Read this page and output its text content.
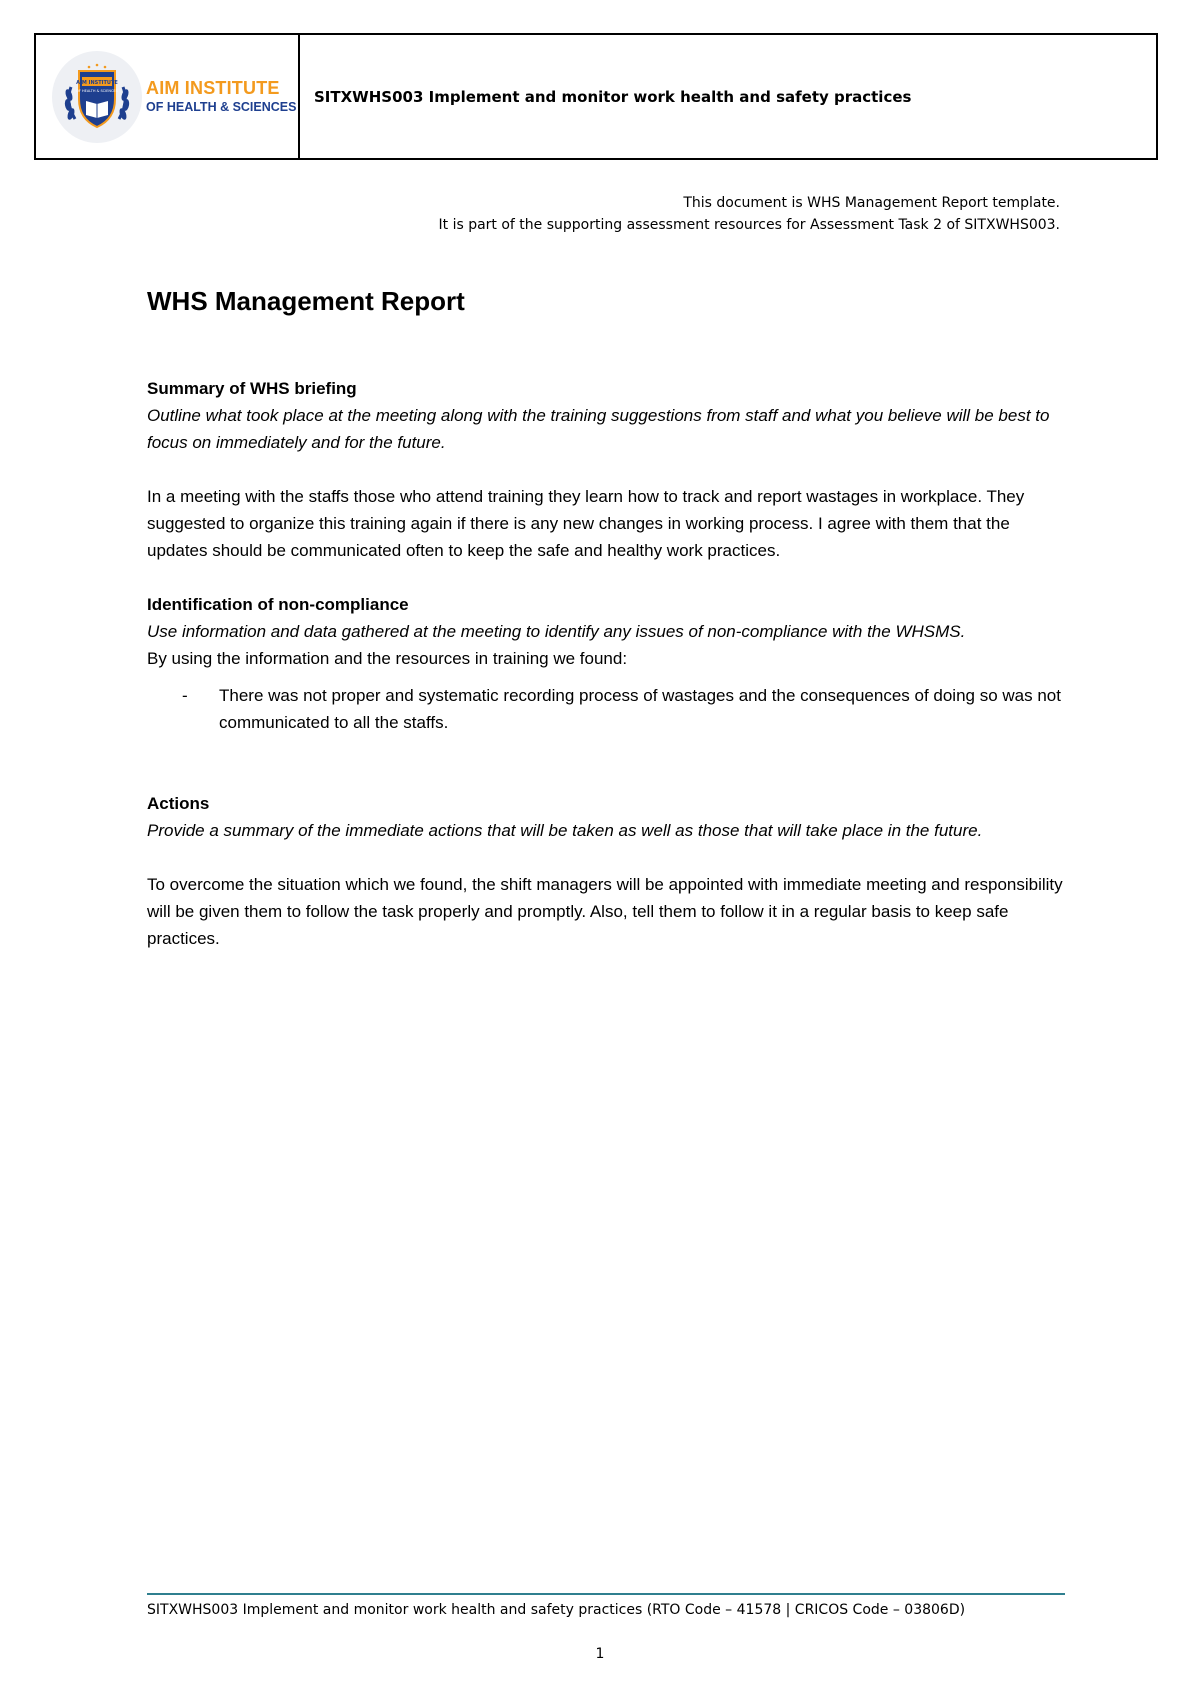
AIM INSTITUTE
OF HEALTH & SCIENCES AIM INSTITUTE
OF HEALTH & SCIENCES
SITXWHS003 Implement and monitor work health and safety practices
This document is WHS Management Report template.
It is part of the supporting assessment resources for Assessment Task 2 of SITXWHS003.
WHS Management Report

Summary of WHS briefing

Outline what took place at the meeting along with the training suggestions from staff and what you believe will be best to focus on immediately and for the future.

In a meeting with the staffs those who attend training they learn how to track and report wastages in workplace. They suggested to organize this training again if there is any new changes in working process. I agree with them that the updates should be communicated often to keep the safe and healthy work practices.

Identification of non-compliance

Use information and data gathered at the meeting to identify any issues of non-compliance with the WHSMS.

By using the information and the resources in training we found:

-	There was not proper and systematic recording process of wastages and the consequences of doing so was not communicated to all the staffs.

Actions

Provide a summary of the immediate actions that will be taken as well as those that will take place in the future.

To overcome the situation which we found, the shift managers will be appointed with immediate meeting and responsibility will be given them to follow the task properly and promptly. Also, tell them to follow it in a regular basis to keep safe practices.

SITXWHS003 Implement and monitor work health and safety practices (RTO Code – 41578 | CRICOS Code – 03806D)
1
